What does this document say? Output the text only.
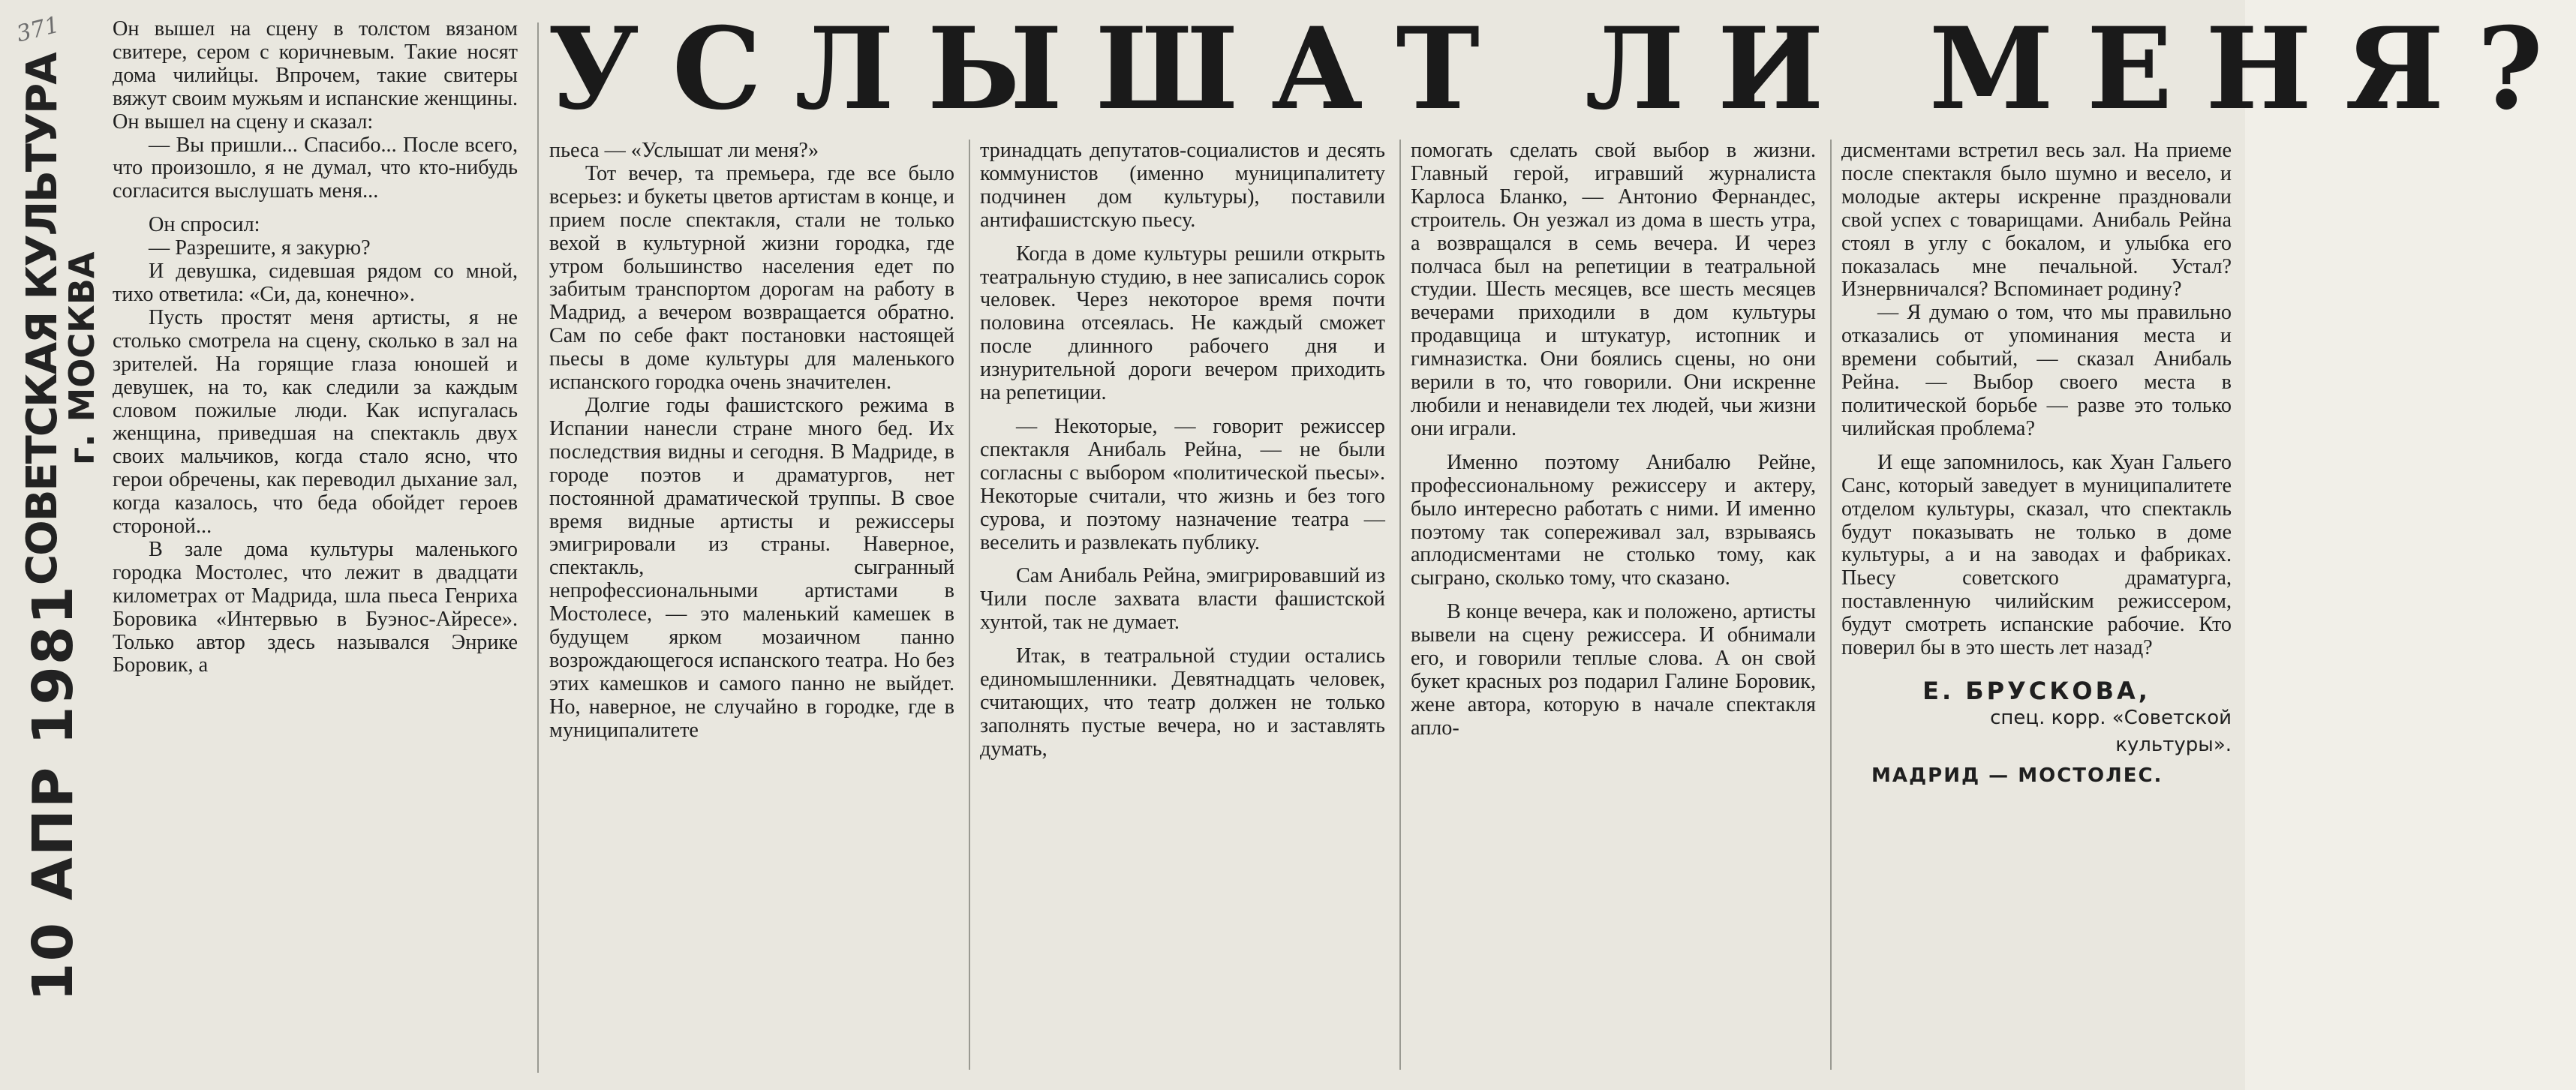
371
СОВЕТСКАЯ КУЛЬТУРА
г. МОСКВА
10 АПР 1981
УСЛЫШАТ ЛИ МЕНЯ?

Он вышел на сцену в толстом вязаном свитере, сером с коричневым. Такие носят дома чилийцы. Впрочем, такие свитеры вяжут своим мужьям и испанские женщины. Он вышел на сцену и сказал:

— Вы пришли... Спасибо... После всего, что произошло, я не думал, что кто-нибудь согласится выслушать меня...

Он спросил:

— Разрешите, я закурю?

И девушка, сидевшая рядом со мной, тихо ответила: «Си, да, конечно».

Пусть простят меня артисты, я не столько смотрела на сцену, сколько в зал на зрителей. На горящие глаза юношей и девушек, на то, как следили за каждым словом пожилые люди. Как испугалась женщина, приведшая на спектакль двух своих мальчиков, когда стало ясно, что герои обречены, как переводил дыхание зал, когда казалось, что беда обойдет героев стороной...

В зале дома культуры маленького городка Мостолес, что лежит в двадцати километрах от Мадрида, шла пьеса Генриха Боровика «Интервью в Буэнос-Айресе». Только автор здесь назывался Энрике Боровик, а

пьеса — «Услышат ли меня?»

Тот вечер, та премьера, где все было всерьез: и букеты цветов артистам в конце, и прием после спектакля, стали не только вехой в культурной жизни городка, где утром большинство населения едет по забитым транспортом дорогам на работу в Мадрид, а вечером возвращается обратно. Сам по себе факт постановки настоящей пьесы в доме культуры для маленького испанского городка очень значителен.

Долгие годы фашистского режима в Испании нанесли стране много бед. Их последствия видны и сегодня. В Мадриде, в городе поэтов и драматургов, нет постоянной драматической труппы. В свое время видные артисты и режиссеры эмигрировали из страны. Наверное, спектакль, сыгранный непрофессиональными артистами в Мостолесе, — это маленький камешек в будущем ярком мозаичном панно возрождающегося испанского театра. Но без этих камешков и самого панно не выйдет. Но, наверное, не случайно в городке, где в муниципалитете

тринадцать депутатов-социалистов и десять коммунистов (именно муниципалитету подчинен дом культуры), поставили антифашистскую пьесу.

Когда в доме культуры решили открыть театральную студию, в нее записались сорок человек. Через некоторое время почти половина отсеялась. Не каждый сможет после длинного рабочего дня и изнурительной дороги вечером приходить на репетиции.

— Некоторые, — говорит режиссер спектакля Анибаль Рейна, — не были согласны с выбором «политической пьесы». Некоторые считали, что жизнь и без того сурова, и поэтому назначение театра — веселить и развлекать публику.

Сам Анибаль Рейна, эмигрировавший из Чили после захвата власти фашистской хунтой, так не думает.

Итак, в театральной студии остались единомышленники. Девятнадцать человек, считающих, что театр должен не только заполнять пустые вечера, но и заставлять думать,

помогать сделать свой выбор в жизни. Главный герой, игравший журналиста Карлоса Бланко, — Антонио Фернандес, строитель. Он уезжал из дома в шесть утра, а возвращался в семь вечера. И через полчаса был на репетиции в театральной студии. Шесть месяцев, все шесть месяцев вечерами приходили в дом культуры продавщица и штукатур, истопник и гимназистка. Они боялись сцены, но они верили в то, что говорили. Они искренне любили и ненавидели тех людей, чьи жизни они играли.

Именно поэтому Анибалю Рейне, профессиональному режиссеру и актеру, было интересно работать с ними. И именно поэтому так сопереживал зал, взрываясь аплодисментами не столько тому, как сыграно, сколько тому, что сказано.

В конце вечера, как и положено, артисты вывели на сцену режиссера. И обнимали его, и говорили теплые слова. А он свой букет красных роз подарил Галине Боровик, жене автора, которую в начале спектакля апло-

дисментами встретил весь зал. На приеме после спектакля было шумно и весело, и молодые актеры искренне праздновали свой успех с товарищами. Анибаль Рейна стоял в углу с бокалом, и улыбка его показалась мне печальной. Устал? Изнервничался? Вспоминает родину?

— Я думаю о том, что мы правильно отказались от упоминания места и времени событий, — сказал Анибаль Рейна. — Выбор своего места в политической борьбе — разве это только чилийская проблема?

И еще запомнилось, как Хуан Гальего Санс, который заведует в муниципалитете отделом культуры, сказал, что спектакль будут показывать не только в доме культуры, а и на заводах и фабриках. Пьесу советского драматурга, поставленную чилийским режиссером, будут смотреть испанские рабочие. Кто поверил бы в это шесть лет назад?

Е. БРУСКОВА,
спец. корр. «Советской
культуры».
МАДРИД — МОСТОЛЕС.
